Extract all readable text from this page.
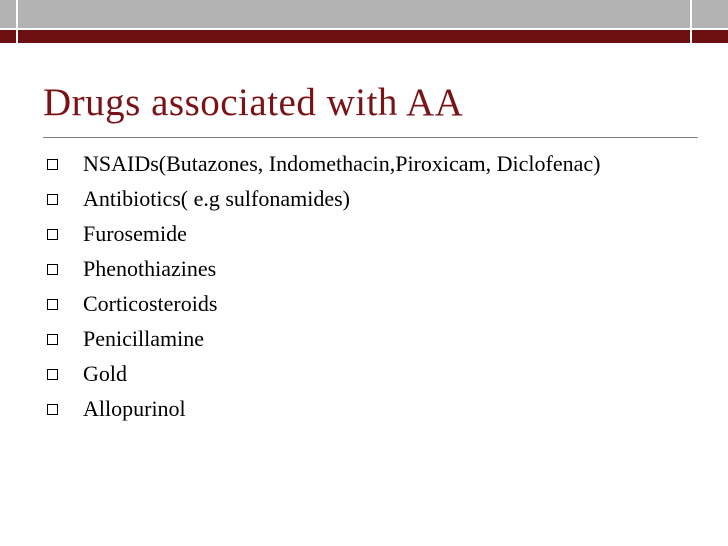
Drugs associated with AA
NSAIDs(Butazones, Indomethacin,Piroxicam, Diclofenac)
Antibiotics( e.g sulfonamides)
Furosemide
Phenothiazines
Corticosteroids
Penicillamine
Gold
Allopurinol
